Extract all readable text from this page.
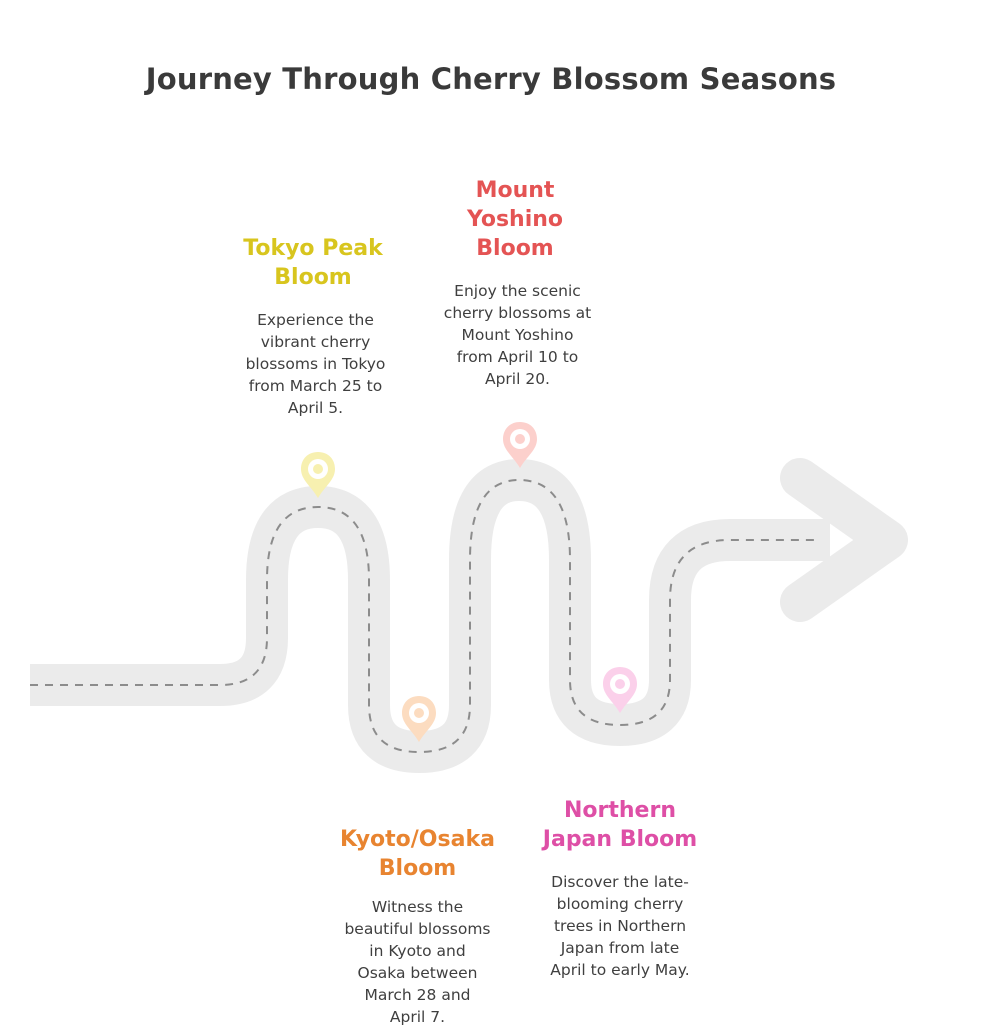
Journey Through Cherry Blossom Seasons
Tokyo Peak
Bloom
Experience the
vibrant cherry
blossoms in Tokyo
from March 25 to
April 5.
Kyoto/Osaka
Bloom
Witness the
beautiful blossoms
in Kyoto and
Osaka between
March 28 and
April 7.
Mount
Yoshino
Bloom
Enjoy the scenic
cherry blossoms at
Mount Yoshino
from April 10 to
April 20.
Northern
Japan Bloom
Discover the late-
blooming cherry
trees in Northern
Japan from late
April to early May.
